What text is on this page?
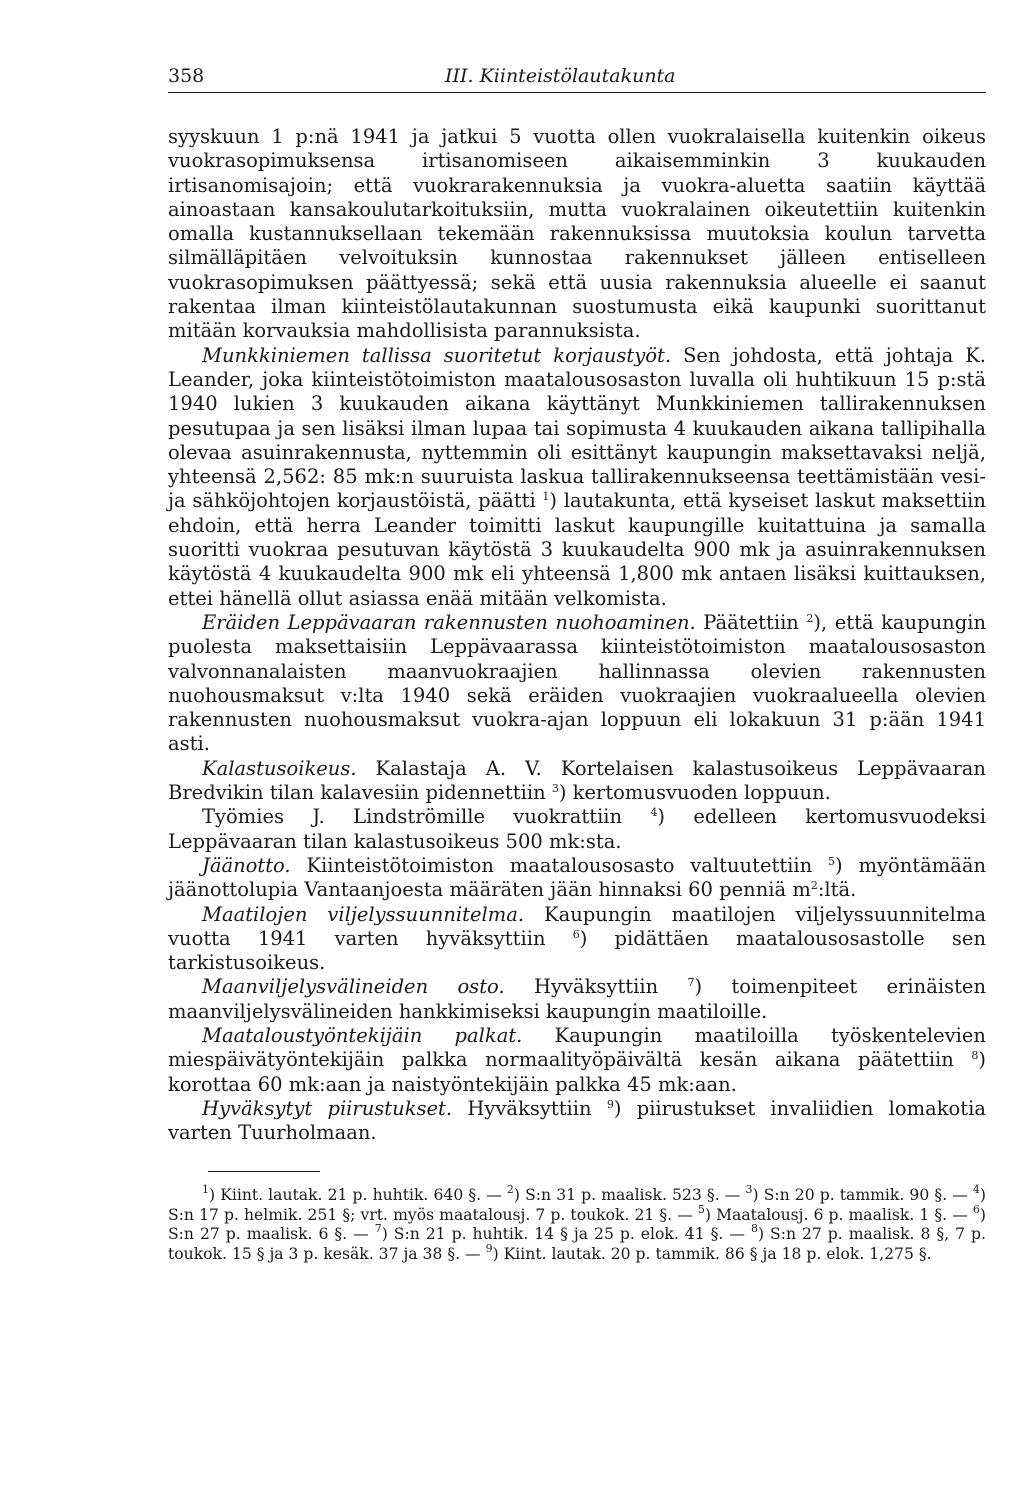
358	III. Kiinteistölautakunta

syyskuun 1 p:nä 1941 ja jatkui 5 vuotta ollen vuokralaisella kuitenkin oikeus vuokrasopimuksensa irtisanomiseen aikaisemminkin 3 kuukauden irtisanomisajoin; että vuokrarakennuksia ja vuokra-aluetta saatiin käyttää ainoastaan kansakoulutarkoituksiin, mutta vuokralainen oikeutettiin kuitenkin omalla kustannuksellaan tekemään rakennuksissa muutoksia koulun tarvetta silmälläpitäen velvoituksin kunnostaa rakennukset jälleen entiselleen vuokrasopimuksen päättyessä; sekä että uusia rakennuksia alueelle ei saanut rakentaa ilman kiinteistölautakunnan suostumusta eikä kaupunki suorittanut mitään korvauksia mahdollisista parannuksista.

Munkkiniemen tallissa suoritetut korjaustyöt. Sen johdosta, että johtaja K. Leander, joka kiinteistötoimiston maatalousosaston luvalla oli huhtikuun 15 p:stä 1940 lukien 3 kuukauden aikana käyttänyt Munkkiniemen tallirakennuksen pesutupaa ja sen lisäksi ilman lupaa tai sopimusta 4 kuukauden aikana tallipihalla olevaa asuinrakennusta, nyttemmin oli esittänyt kaupungin maksettavaksi neljä, yhteensä 2,562: 85 mk:n suuruista laskua tallirakennukseensa teettämistään vesi- ja sähköjohtojen korjaustöistä, päätti $^1$) lautakunta, että kyseiset laskut maksettiin ehdoin, että herra Leander toimitti laskut kaupungille kuitattuina ja samalla suoritti vuokraa pesutuvan käytöstä 3 kuukaudelta 900 mk ja asuinrakennuksen käytöstä 4 kuukaudelta 900 mk eli yhteensä 1,800 mk antaen lisäksi kuittauksen, ettei hänellä ollut asiassa enää mitään velkomista.

Eräiden Leppävaaran rakennusten nuohoaminen. Päätettiin $^2$), että kaupungin puolesta maksettaisiin Leppävaarassa kiinteistötoimiston maatalousosaston valvonnanalaisten maanvuokraajien hallinnassa olevien rakennusten nuohousmaksut v:lta 1940 sekä eräiden vuokraajien vuokraalueella olevien rakennusten nuohousmaksut vuokra-ajan loppuun eli lokakuun 31 p:ään 1941 asti.

Kalastusoikeus. Kalastaja A. V. Kortelaisen kalastusoikeus Leppävaaran Bredvikin tilan kalavesiin pidennettiin $^3$) kertomusvuoden loppuun.

Työmies J. Lindströmille vuokrattiin $^4$) edelleen kertomusvuodeksi Leppävaaran tilan kalastusoikeus 500 mk:sta.

Jäänotto. Kiinteistötoimiston maatalousosasto valtuutettiin $^5$) myöntämään jäänottolupia Vantaanjoesta määräten jään hinnaksi 60 penniä $m^2:ltä$.

Maatilojen viljelyssuunnitelma. Kaupungin maatilojen viljelyssuunnitelma vuotta 1941 varten hyväksyttiin $^6$) pidättäen maatalousosastolle sen tarkistusoikeus.

Maanviljelysvälineiden osto. Hyväksyttiin $^7$) toimenpiteet erinäisten maanviljelysvälineiden hankkimiseksi kaupungin maatiloille.

Maataloustyöntekijäin palkat. Kaupungin maatiloilla työskentelevien miespäivätyöntekijäin palkka normaalityöpäivältä kesän aikana päätettiin $^8$) korottaa 60 mk:aan ja naistyöntekijäin palkka 45 mk:aan.

Hyväksytyt piirustukset. Hyväksyttiin $^9$) piirustukset invaliidien lomakotia varten Tuurholmaan.

$^1$) Kiint. lautak. 21 p. huhtik. 640 §. — $^2$) S:n 31 p. maalisk. 523 §. — $^3$) S:n 20 p. tammik. 90 §. — $^4$) S:n 17 p. helmik. 251 §; vrt. myös maatalousj. 7 p. toukok. 21 §. — $^5$) Maatalousj. 6 p. maalisk. 1 §. — $^6$) S:n 27 p. maalisk. 6 §. — $^7$) S:n 21 p. huhtik. 14 § ja 25 p. elok. 41 §. — $^8$) S:n 27 p. maalisk. 8 §, 7 p. toukok. 15 § ja 3 p. kesäk. 37 ja 38 §. — $^9$) Kiint. lautak. 20 p. tammik. 86 § ja 18 p. elok. 1,275 §.
